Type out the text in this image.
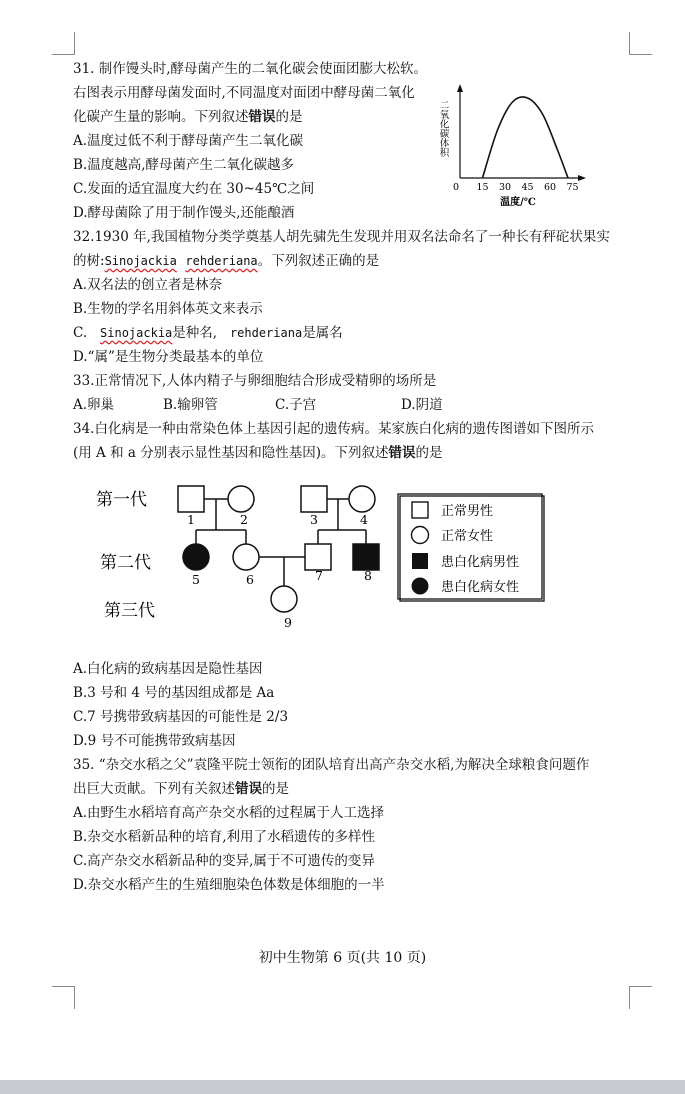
31. 制作馒头时,酵母菌产生的二氧化碳会使面团膨大松软。
右图表示用酵母菌发面时,不同温度对面团中酵母菌二氧化
化碳产生量的影响。下列叙述错误的是
A.温度过低不利于酵母菌产生二氧化碳
B.温度越高,酵母菌产生二氧化碳越多
C.发面的适宜温度大约在 30~45℃之间
D.酵母菌除了用于制作馒头,还能酿酒
二氧化碳体积
温度/℃
0 15 30 45 60 75
32.1930 年,我国植物分类学奠基人胡先骕先生发现并用双名法命名了一种长有秤砣状果实
的树:Sinojackia rehderiana。下列叙述正确的是
A.双名法的创立者是林奈
B.生物的学名用斜体英文来表示
C. Sinojackia是种名, rehderiana是属名
D.“属”是生物分类最基本的单位
33.正常情况下,人体内精子与卵细胞结合形成受精卵的场所是
A.卵巢	B.输卵管	C.子宫	D.阴道
34.白化病是一种由常染色体上基因引起的遗传病。某家族白化病的遗传图谱如下图所示
(用 A 和 a 分别表示显性基因和隐性基因)。下列叙述错误的是
第一代
第二代
第三代
1	2	3	4
5	6	7	8
9
正常男性
正常女性
患白化病男性
患白化病女性
A.白化病的致病基因是隐性基因
B.3 号和 4 号的基因组成都是 Aa
C.7 号携带致病基因的可能性是 2/3
D.9 号不可能携带致病基因
35. “杂交水稻之父”袁隆平院士领衔的团队培育出高产杂交水稻,为解决全球粮食问题作
出巨大贡献。下列有关叙述错误的是
A.由野生水稻培育高产杂交水稻的过程属于人工选择
B.杂交水稻新品种的培育,利用了水稻遗传的多样性
C.高产杂交水稻新品种的变异,属于不可遗传的变异
D.杂交水稻产生的生殖细胞染色体数是体细胞的一半
初中生物第 6 页(共 10 页)
